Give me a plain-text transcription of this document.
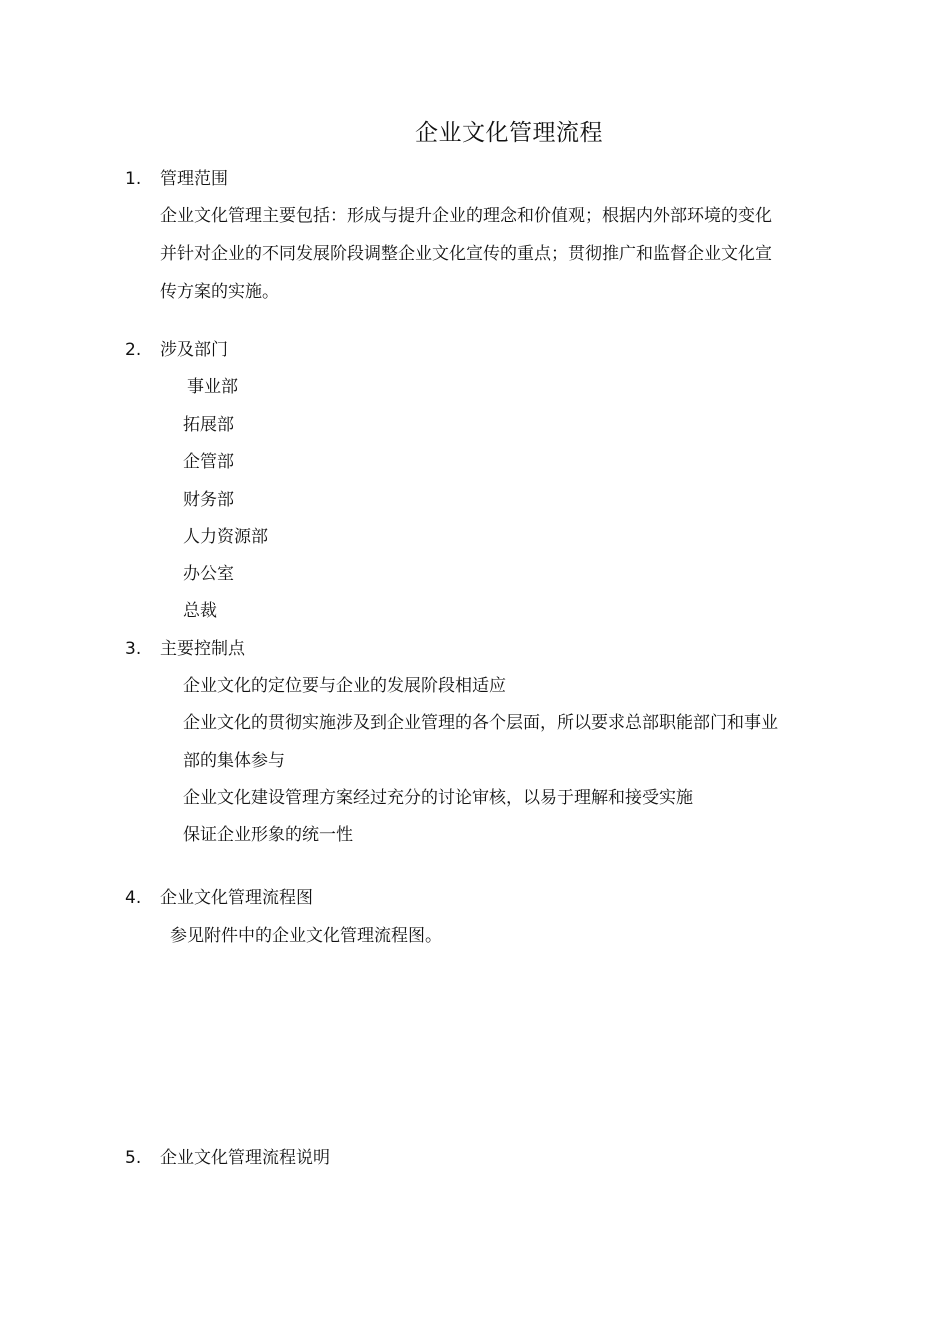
企业文化管理流程
1. 管理范围
企业文化管理主要包括：形成与提升企业的理念和价值观；根据内外部环境的变化
并针对企业的不同发展阶段调整企业文化宣传的重点；贯彻推广和监督企业文化宣
传方案的实施。
2. 涉及部门
事业部
拓展部
企管部
财务部
人力资源部
办公室
总裁
3. 主要控制点
企业文化的定位要与企业的发展阶段相适应
企业文化的贯彻实施涉及到企业管理的各个层面，所以要求总部职能部门和事业
部的集体参与
企业文化建设管理方案经过充分的讨论审核，以易于理解和接受实施
保证企业形象的统一性
4. 企业文化管理流程图
参见附件中的企业文化管理流程图。
5. 企业文化管理流程说明
